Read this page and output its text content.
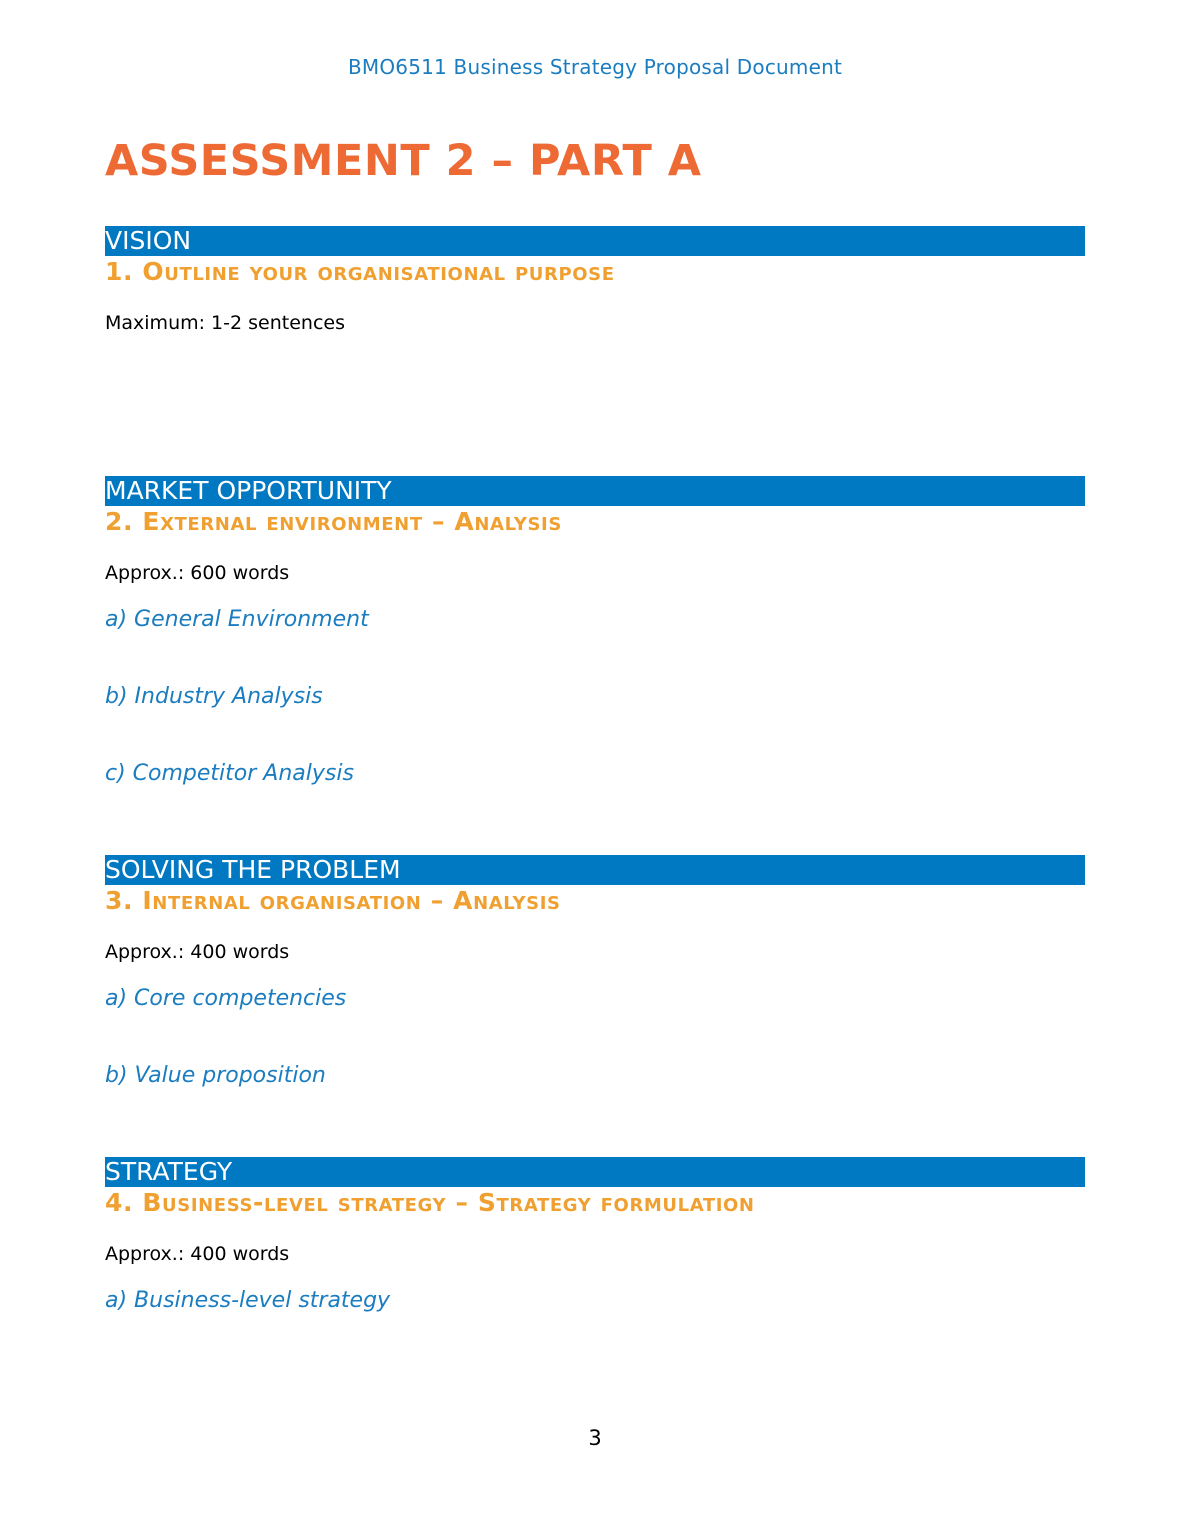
BMO6511 Business Strategy Proposal Document
ASSESSMENT 2 – PART A
VISION
1. Outline your organisational purpose
Maximum: 1-2 sentences
MARKET OPPORTUNITY
2. External environment – Analysis
Approx.: 600 words
a) General Environment
b) Industry Analysis
c) Competitor Analysis
SOLVING THE PROBLEM
3. Internal organisation – Analysis
Approx.: 400 words
a) Core competencies
b) Value proposition
STRATEGY
4. Business-level strategy – Strategy formulation
Approx.: 400 words
a) Business-level strategy
3
